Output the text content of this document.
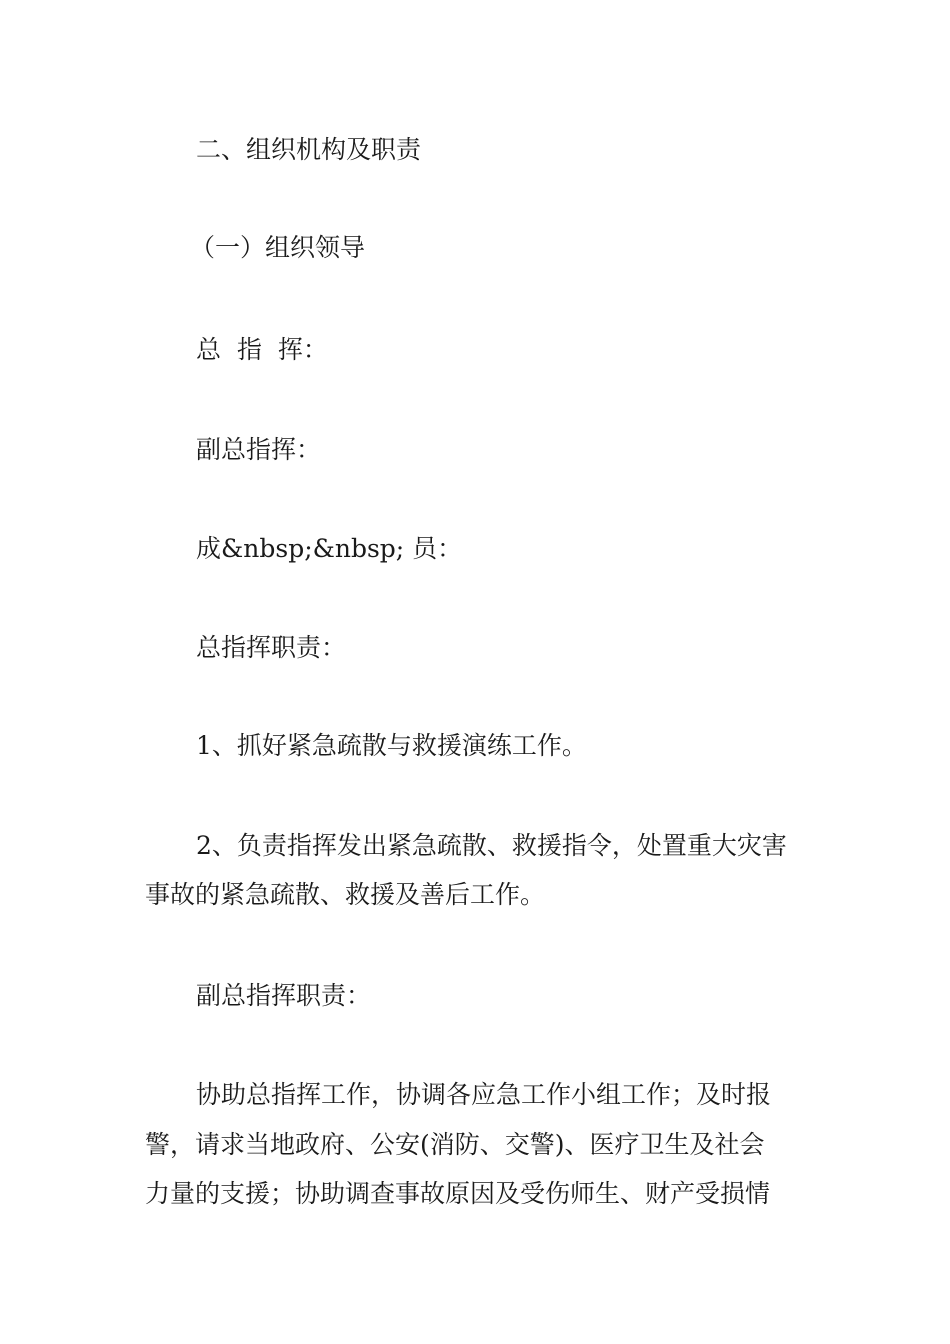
二、组织机构及职责
（一）组织领导
总 指 挥：
副总指挥：
成&nbsp;&nbsp; 员：
总指挥职责：
1、抓好紧急疏散与救援演练工作。
2、负责指挥发出紧急疏散、救援指令，处置重大灾害
事故的紧急疏散、救援及善后工作。
副总指挥职责：
协助总指挥工作，协调各应急工作小组工作；及时报
警，请求当地政府、公安(消防、交警)、医疗卫生及社会
力量的支援；协助调查事故原因及受伤师生、财产受损情
